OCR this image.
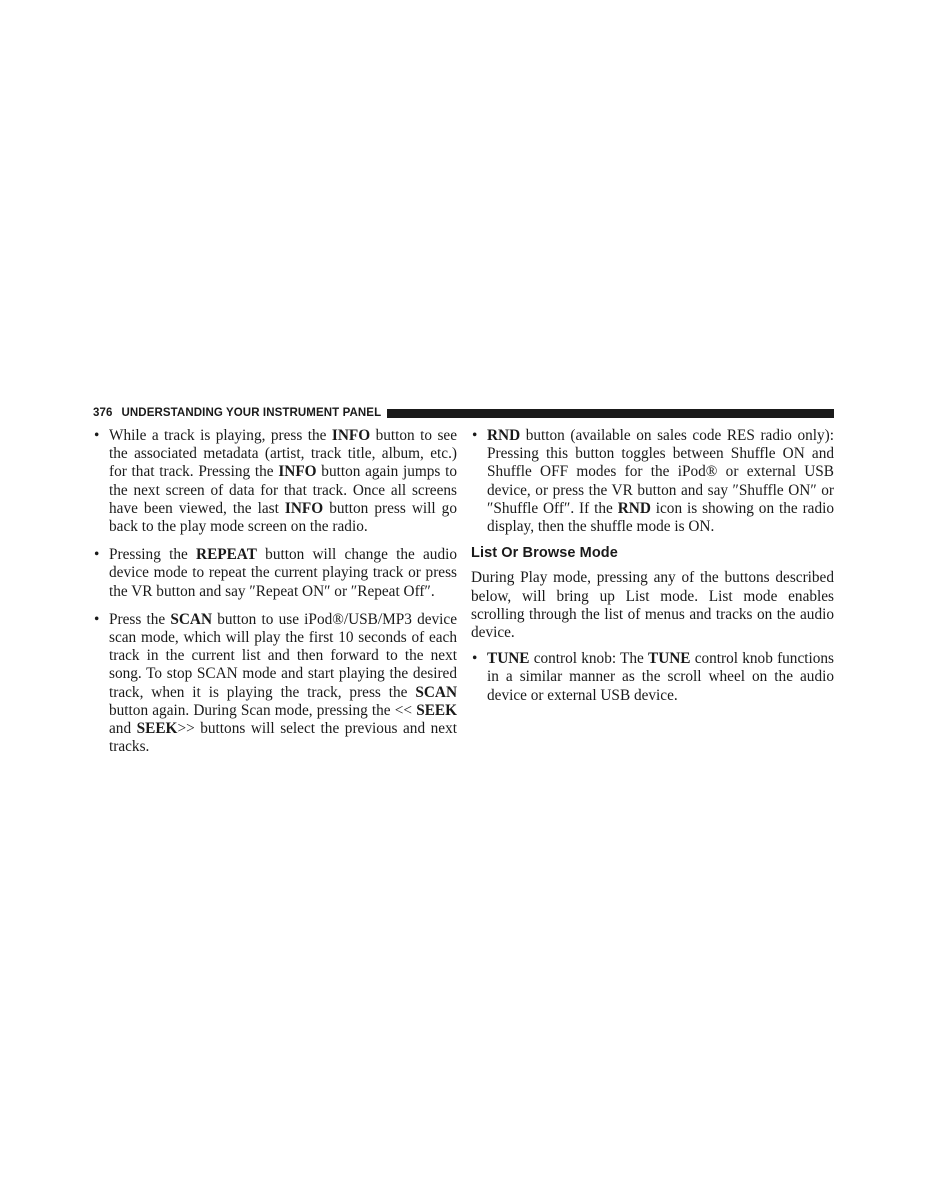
376 UNDERSTANDING YOUR INSTRUMENT PANEL

• While a track is playing, press the INFO button to see the associated metadata (artist, track title, album, etc.) for that track. Pressing the INFO button again jumps to the next screen of data for that track. Once all screens have been viewed, the last INFO button press will go back to the play mode screen on the radio.

• Pressing the REPEAT button will change the audio device mode to repeat the current playing track or press the VR button and say ″Repeat ON″ or ″Repeat Off″.

• Press the SCAN button to use iPod®/USB/MP3 device scan mode, which will play the first 10 seconds of each track in the current list and then forward to the next song. To stop SCAN mode and start playing the desired track, when it is playing the track, press the SCAN button again. During Scan mode, pressing the << SEEK and SEEK>> buttons will select the previous and next tracks.

• RND button (available on sales code RES radio only): Pressing this button toggles between Shuffle ON and Shuffle OFF modes for the iPod® or external USB device, or press the VR button and say ″Shuffle ON″ or ″Shuffle Off″. If the RND icon is showing on the radio display, then the shuffle mode is ON.

List Or Browse Mode

During Play mode, pressing any of the buttons described below, will bring up List mode. List mode enables scrolling through the list of menus and tracks on the audio device.

• TUNE control knob: The TUNE control knob functions in a similar manner as the scroll wheel on the audio device or external USB device.
